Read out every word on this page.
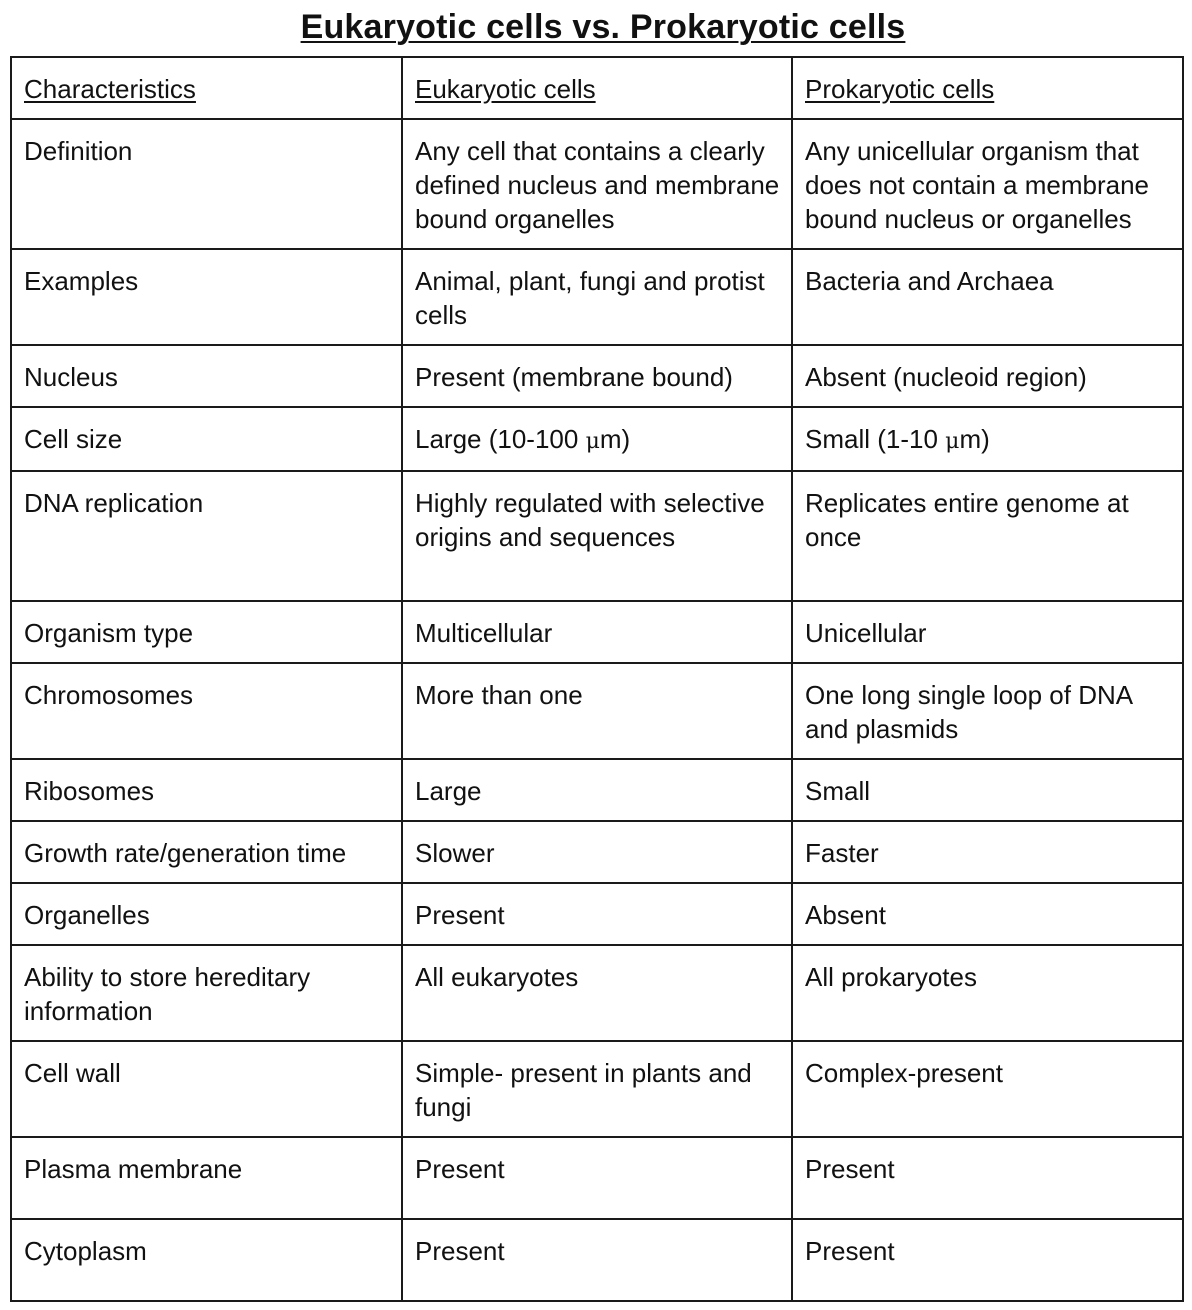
Eukaryotic cells vs. Prokaryotic cells
Characteristics	Eukaryotic cells	Prokaryotic cells
Definition	Any cell that contains a clearly defined nucleus and membrane bound organelles	Any unicellular organism that does not contain a membrane bound nucleus or organelles
Examples	Animal, plant, fungi and protist cells	Bacteria and Archaea
Nucleus	Present (membrane bound)	Absent (nucleoid region)
Cell size	Large (10-100 μm)	Small (1-10 μm)
DNA replication	Highly regulated with selective origins and sequences	Replicates entire genome at once
Organism type	Multicellular	Unicellular
Chromosomes	More than one	One long single loop of DNA and plasmids
Ribosomes	Large	Small
Growth rate/generation time	Slower	Faster
Organelles	Present	Absent
Ability to store hereditary information	All eukaryotes	All prokaryotes
Cell wall	Simple- present in plants and fungi	Complex-present
Plasma membrane	Present	Present
Cytoplasm	Present	Present
